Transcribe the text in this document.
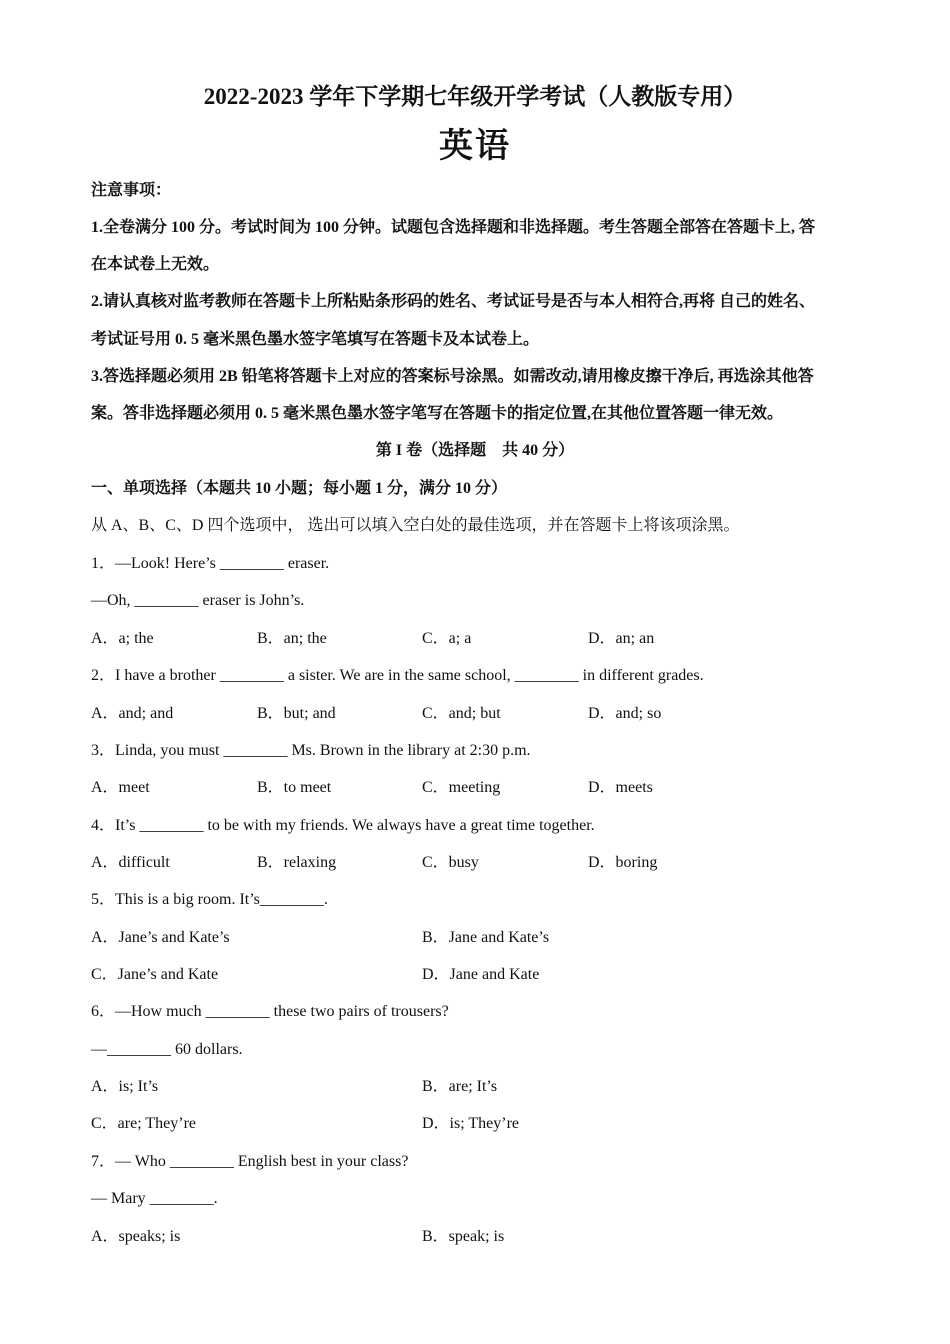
2022-2023 学年下学期七年级开学考试（人教版专用）
英语
注意事项：
1.全卷满分 100 分。考试时间为 100 分钟。试题包含选择题和非选择题。考生答题全部答在答题卡上, 答
在本试卷上无效。
2.请认真核对监考教师在答题卡上所粘贴条形码的姓名、考试证号是否与本人相符合,再将 自己的姓名、
考试证号用 0. 5 毫米黑色墨水签字笔填写在答题卡及本试卷上。
3.答选择题必须用 2B 铅笔将答题卡上对应的答案标号涂黑。如需改动,请用橡皮擦干净后, 再选涂其他答
案。答非选择题必须用 0. 5 毫米黑色墨水签字笔写在答题卡的指定位置,在其他位置答题一律无效。
第 I 卷（选择题　共 40 分）
一、单项选择（本题共 10 小题；每小题 1 分，满分 10 分）
从 A、B、C、D 四个选项中， 选出可以填入空白处的最佳选项，并在答题卡上将该项涂黑。
1．—Look! Here’s ________ eraser.
—Oh, ________ eraser is John’s.
A．a; the	B．an; the	C．a; a	D．an; an
2．I have a brother ________ a sister. We are in the same school, ________ in different grades.
A．and; and	B．but; and	C．and; but	D．and; so
3．Linda, you must ________ Ms. Brown in the library at 2:30 p.m.
A．meet	B．to meet	C．meeting	D．meets
4．It’s ________ to be with my friends. We always have a great time together.
A．difficult	B．relaxing	C．busy	D．boring
5．This is a big room. It’s________.
A．Jane’s and Kate’s	B．Jane and Kate’s
C．Jane’s and Kate	D．Jane and Kate
6．—How much ________ these two pairs of trousers?
—________ 60 dollars.
A．is; It’s	B．are; It’s
C．are; They’re	D．is; They’re
7．— Who ________ English best in your class?
— Mary ________.
A．speaks; is	B．speak; is
